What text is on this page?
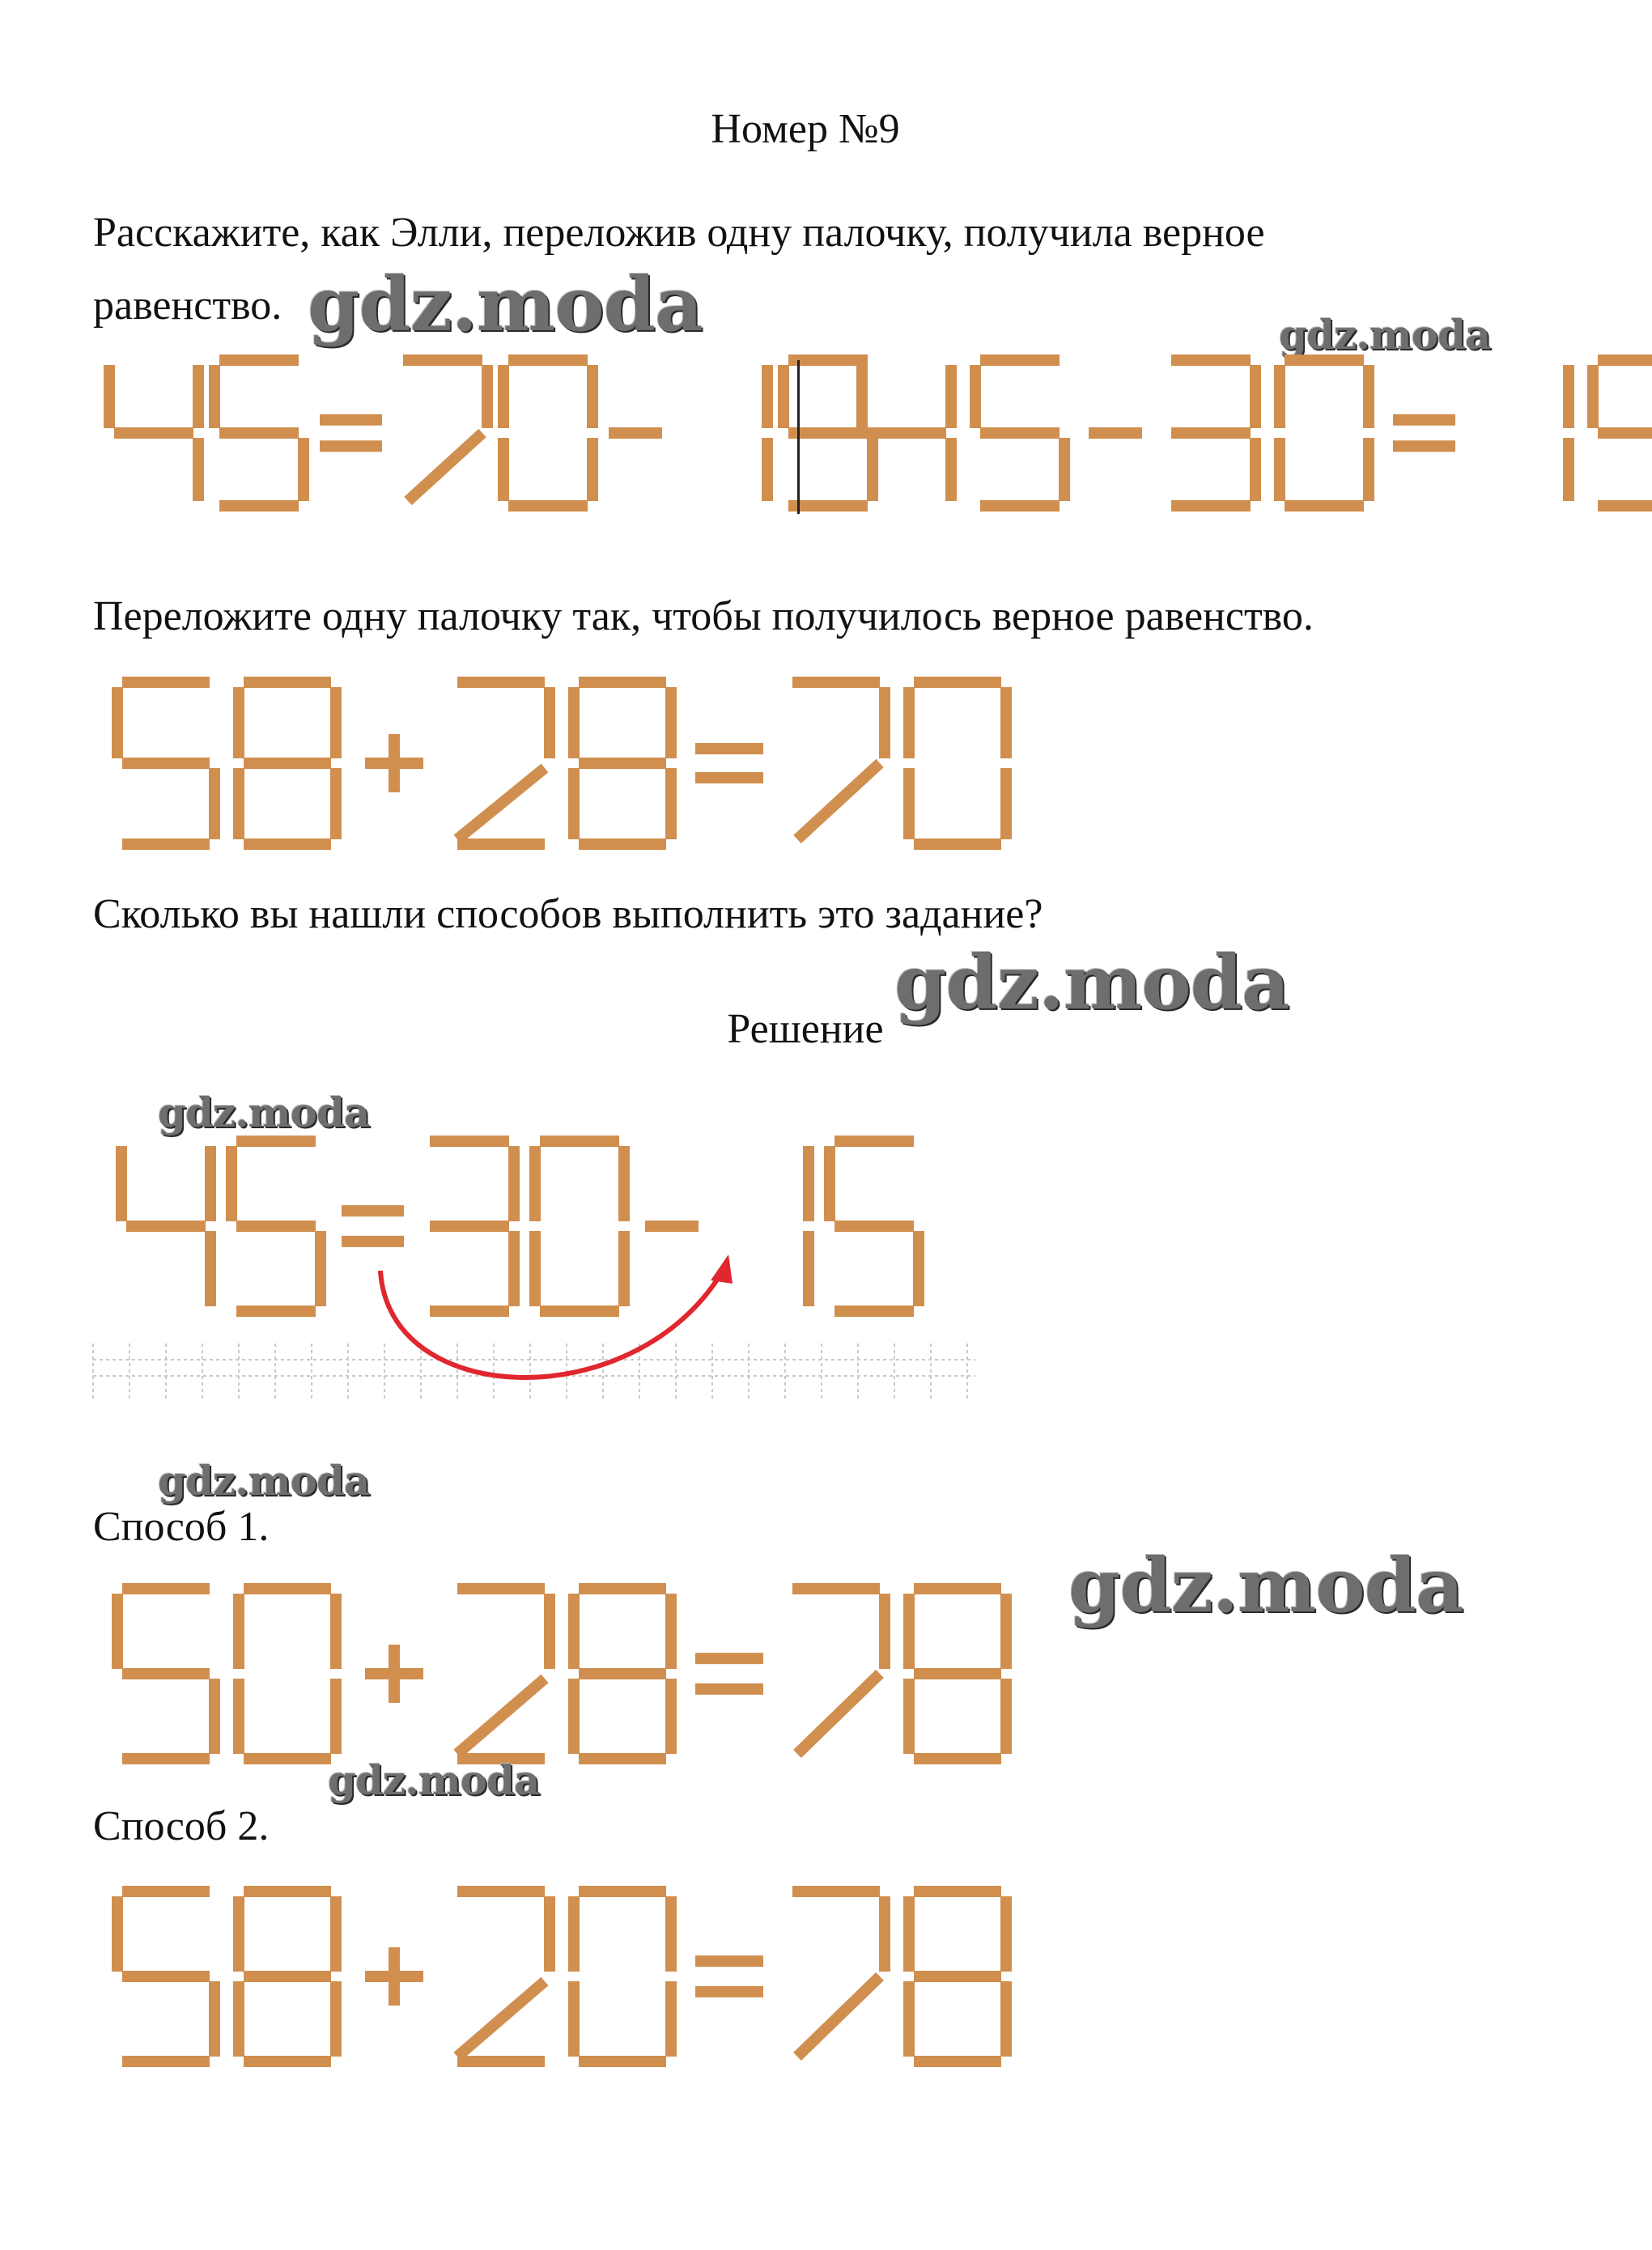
Номер №9
Расскажите, как Элли, переложив одну палочку, получила верное
равенство. gdz.moda	gdz.moda
Переложите одну палочку так, чтобы получилось верное равенство.
Сколько вы нашли способов выполнить это задание?
Решение
gdz.moda
gdz.moda
gdz.moda
Способ 1.
gdz.moda
gdz.moda
Способ 2.
